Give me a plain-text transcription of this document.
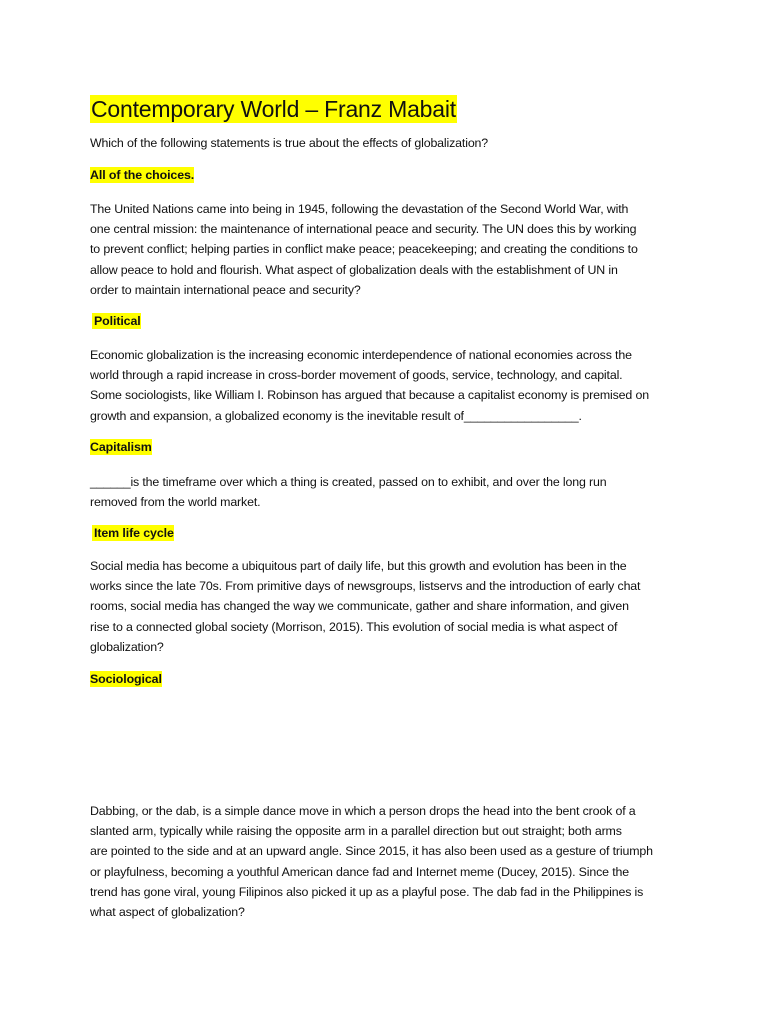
Contemporary World – Franz Mabait

Which of the following statements is true about the effects of globalization?

All of the choices.

The United Nations came into being in 1945, following the devastation of the Second World War, with
one central mission: the maintenance of international peace and security. The UN does this by working
to prevent conflict; helping parties in conflict make peace; peacekeeping; and creating the conditions to
allow peace to hold and flourish. What aspect of globalization deals with the establishment of UN in
order to maintain international peace and security?

Political

Economic globalization is the increasing economic interdependence of national economies across the
world through a rapid increase in cross-border movement of goods, service, technology, and capital.
Some sociologists, like William I. Robinson has argued that because a capitalist economy is premised on
growth and expansion, a globalized economy is the inevitable result of_________________.

Capitalism

______is the timeframe over which a thing is created, passed on to exhibit, and over the long run
removed from the world market.

Item life cycle

Social media has become a ubiquitous part of daily life, but this growth and evolution has been in the
works since the late 70s. From primitive days of newsgroups, listservs and the introduction of early chat
rooms, social media has changed the way we communicate, gather and share information, and given
rise to a connected global society (Morrison, 2015). This evolution of social media is what aspect of
globalization?

Sociological

Dabbing, or the dab, is a simple dance move in which a person drops the head into the bent crook of a
slanted arm, typically while raising the opposite arm in a parallel direction but out straight; both arms
are pointed to the side and at an upward angle. Since 2015, it has also been used as a gesture of triumph
or playfulness, becoming a youthful American dance fad and Internet meme (Ducey, 2015). Since the
trend has gone viral, young Filipinos also picked it up as a playful pose. The dab fad in the Philippines is
what aspect of globalization?
